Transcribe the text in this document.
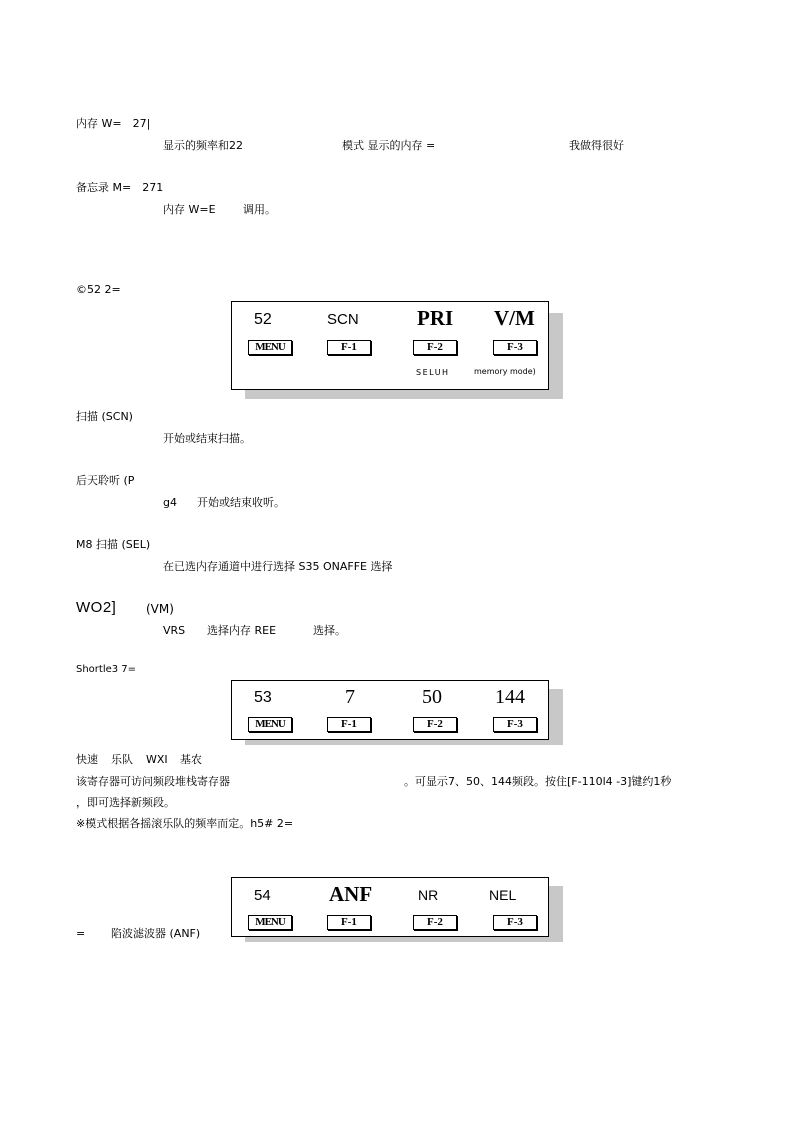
内存 W=　27|
显示的频率和22	模式 显示的内存 =	我做得很好
备忘录 M=　271
内存 W=E 调用。
©52 2=
52	SCN	PRI V/M
MENU	F-1	F-2	F-3
SELUH	memory mode)
扫描 (SCN)
开始或结束扫描。
后天聆听 (P
g4 开始或结束收听。
M8 扫描 (SEL)
在已选内存通道中进行选择 S35 ONAFFE 选择
WO2] (VM)
VRS 选择内存 REE	选择。
Shortle3 7=
53	7	50	144
MENU	F-1	F-2	F-3
快速 乐队 WXI 基农
该寄存器可访问频段堆栈寄存器	。可显示7、50、144频段。按住[F-110l4 -3]键约1秒
，即可选择新频段。
※模式根据各摇滚乐队的频率而定。h5# 2=
54	ANF	NR	NEL
MENU	F-1	F-2	F-3
= 陷波滤波器 (ANF)
